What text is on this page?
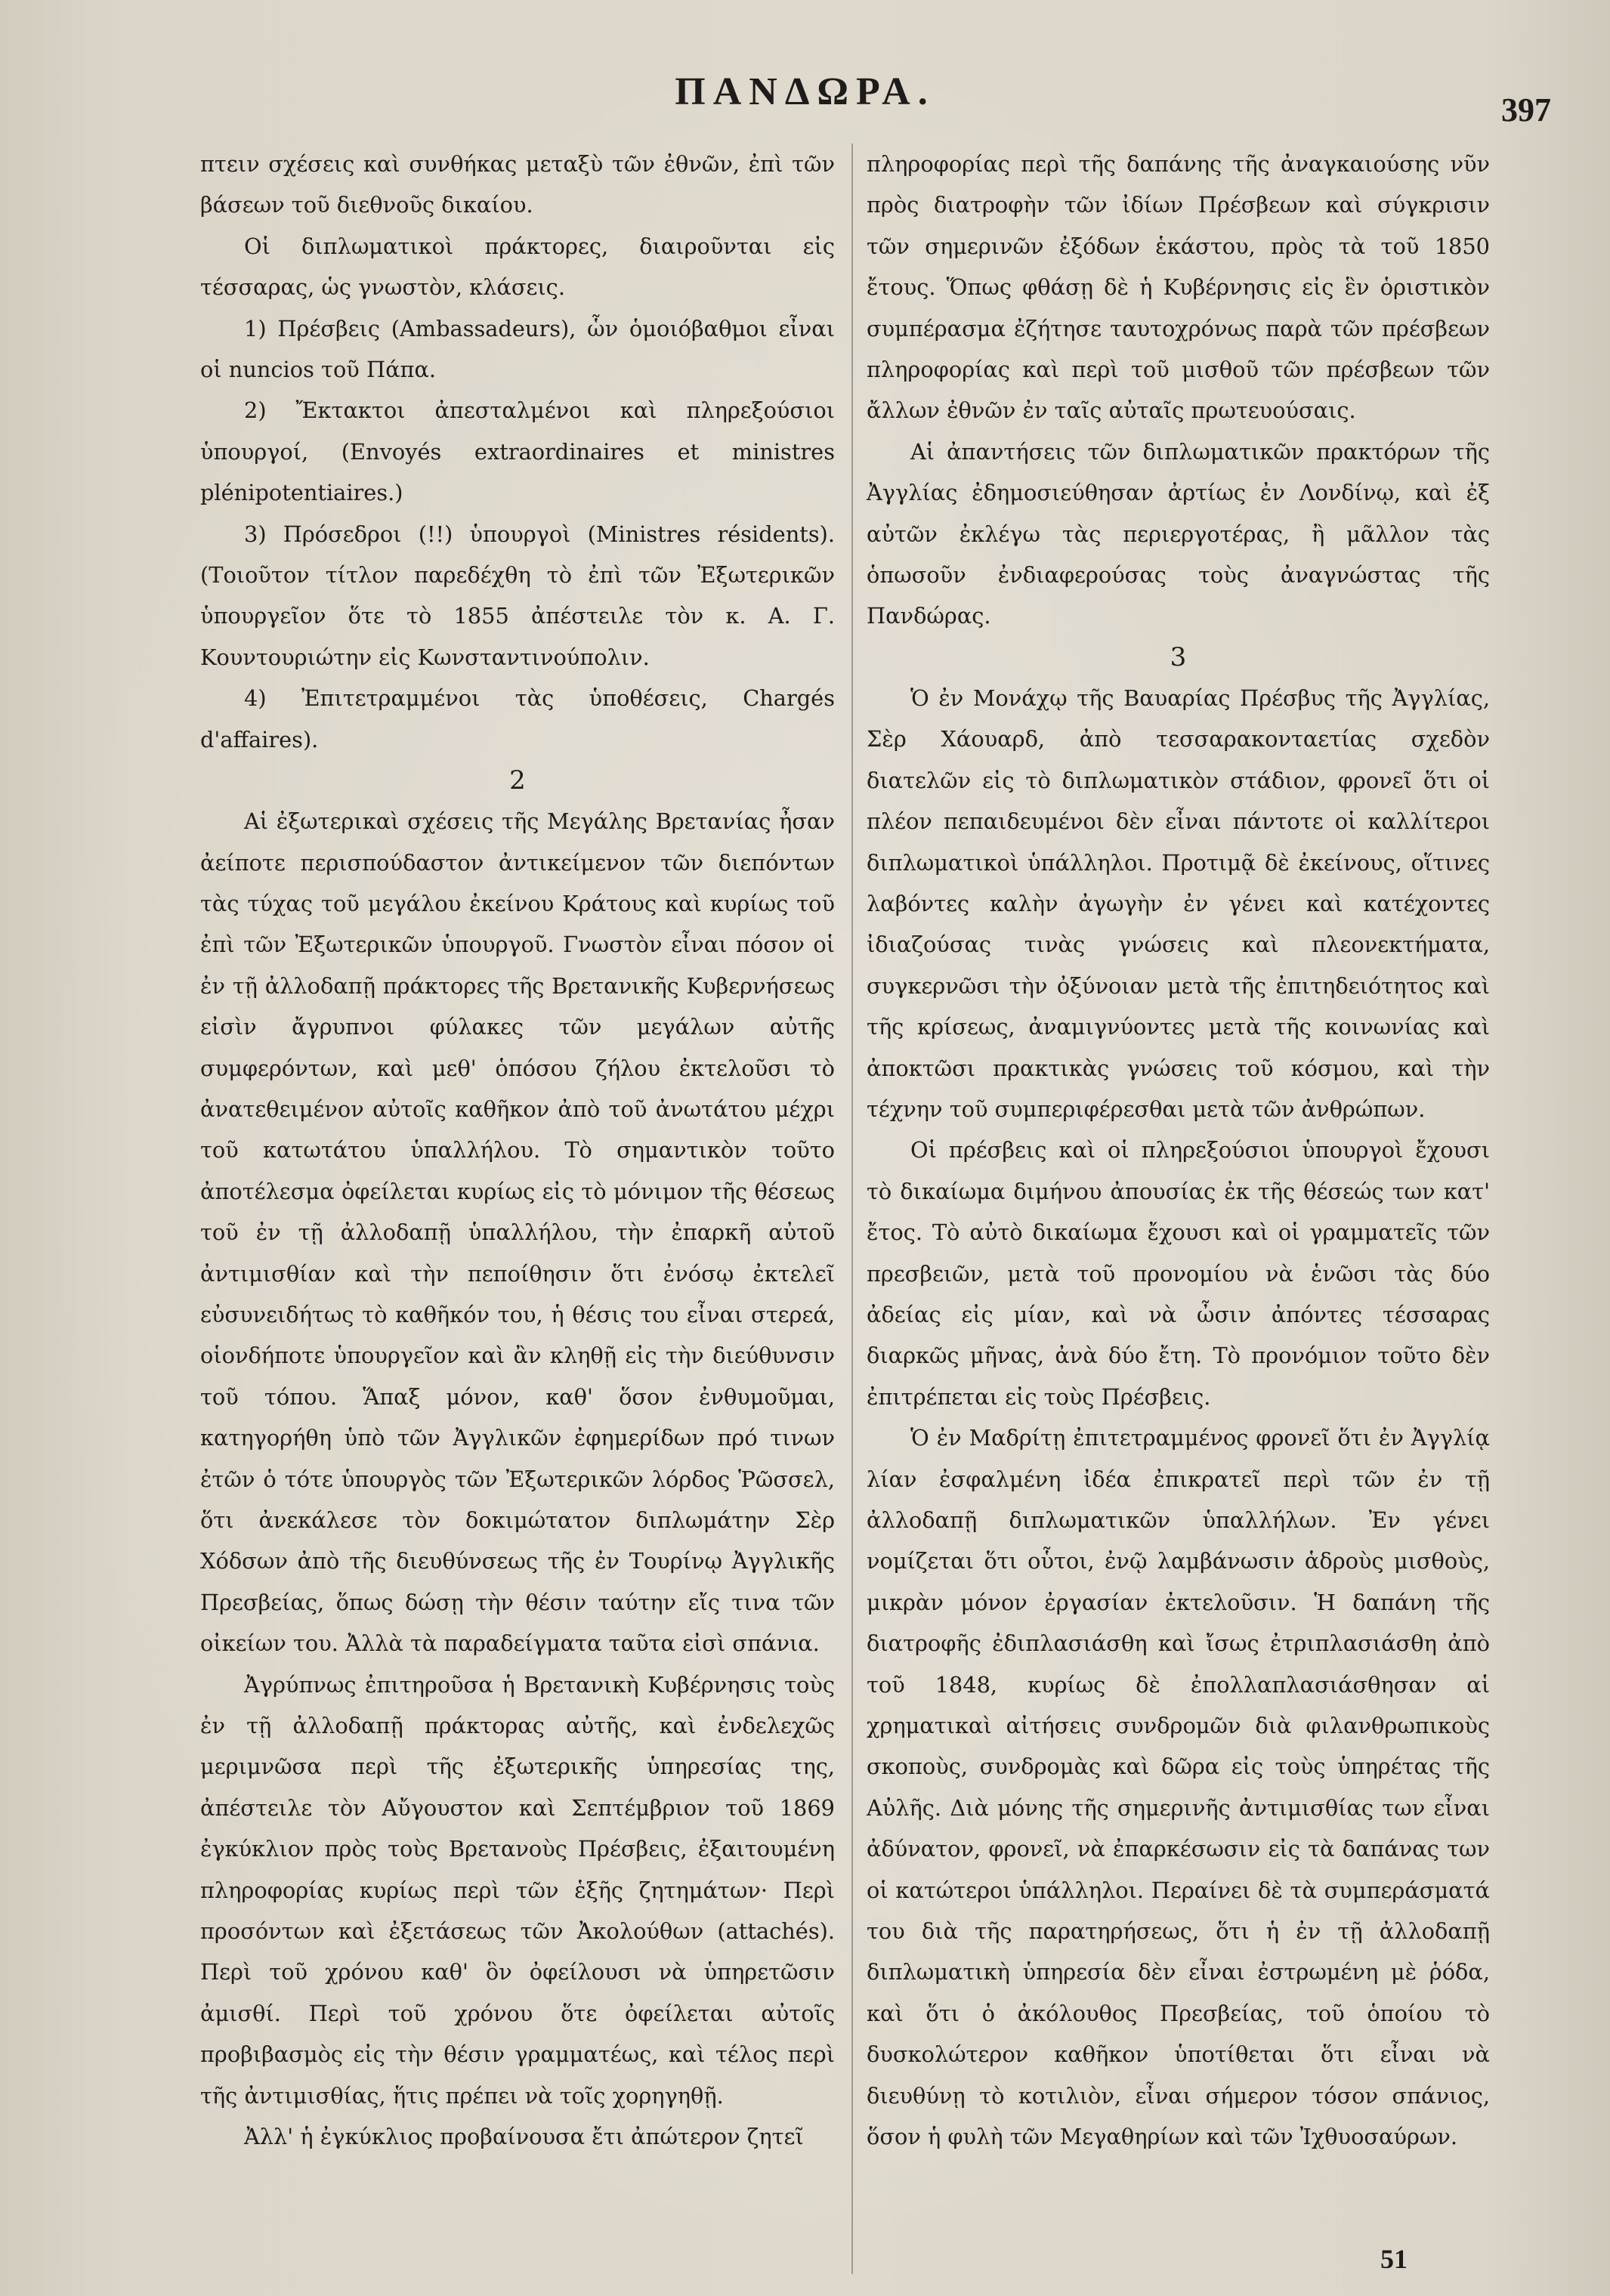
ΠΑΝΔΩΡΑ.	397

πτειν σχέσεις καὶ συνθήκας μεταξὺ τῶν ἐθνῶν, ἐπὶ τῶν βάσεων τοῦ διεθνοῦς δικαίου.

Οἱ διπλωματικοὶ πράκτορες, διαιροῦνται εἰς τέσσαρας, ὡς γνωστὸν, κλάσεις.

1) Πρέσβεις (Ambassadeurs), ὧν ὁμοιόβαθμοι εἶναι οἱ nuncios τοῦ Πάπα.

2) Ἔκτακτοι ἀπεσταλμένοι καὶ πληρεξούσιοι ὑπουργοί, (Envoyés extraordinaires et ministres plénipotentiaires.)

3) Πρόσεδροι (!!) ὑπουργοὶ (Ministres résidents). (Τοιοῦτον τίτλον παρεδέχθη τὸ ἐπὶ τῶν Ἐξωτερικῶν ὑπουργεῖον ὅτε τὸ 1855 ἀπέστειλε τὸν κ. Α. Γ. Κουντουριώτην εἰς Κωνσταντινούπολιν.

4) Ἐπιτετραμμένοι τὰς ὑποθέσεις, Chargés d'affaires).

2

Αἱ ἐξωτερικαὶ σχέσεις τῆς Μεγάλης Βρετανίας ἦσαν ἀείποτε περισπούδαστον ἀντικείμενον τῶν διεπόντων τὰς τύχας τοῦ μεγάλου ἐκείνου Κράτους καὶ κυρίως τοῦ ἐπὶ τῶν Ἐξωτερικῶν ὑπουργοῦ. Γνωστὸν εἶναι πόσον οἱ ἐν τῇ ἀλλοδαπῇ πράκτορες τῆς Βρετανικῆς Κυβερνήσεως εἰσὶν ἄγρυπνοι φύλακες τῶν μεγάλων αὐτῆς συμφερόντων, καὶ μεθ' ὁπόσου ζήλου ἐκτελοῦσι τὸ ἀνατεθειμένον αὐτοῖς καθῆκον ἀπὸ τοῦ ἀνωτάτου μέχρι τοῦ κατωτάτου ὑπαλλήλου. Τὸ σημαντικὸν τοῦτο ἀποτέλεσμα ὀφείλεται κυρίως εἰς τὸ μόνιμον τῆς θέσεως τοῦ ἐν τῇ ἀλλοδαπῇ ὑπαλλήλου, τὴν ἐπαρκῆ αὐτοῦ ἀντιμισθίαν καὶ τὴν πεποίθησιν ὅτι ἐνόσῳ ἐκτελεῖ εὐσυνειδήτως τὸ καθῆκόν του, ἡ θέσις του εἶναι στερεά, οἱονδήποτε ὑπουργεῖον καὶ ἂν κληθῇ εἰς τὴν διεύθυνσιν τοῦ τόπου. Ἅπαξ μόνον, καθ' ὅσον ἐνθυμοῦμαι, κατηγορήθη ὑπὸ τῶν Ἀγγλικῶν ἐφημερίδων πρό τινων ἐτῶν ὁ τότε ὑπουργὸς τῶν Ἐξωτερικῶν λόρδος Ῥῶσσελ, ὅτι ἀνεκάλεσε τὸν δοκιμώτατον διπλωμάτην Σὲρ Χόδσων ἀπὸ τῆς διευθύνσεως τῆς ἐν Τουρίνῳ Ἀγγλικῆς Πρεσβείας, ὅπως δώσῃ τὴν θέσιν ταύτην εἴς τινα τῶν οἰκείων του. Ἀλλὰ τὰ παραδείγματα ταῦτα εἰσὶ σπάνια.

Ἀγρύπνως ἐπιτηροῦσα ἡ Βρετανικὴ Κυβέρνησις τοὺς ἐν τῇ ἀλλοδαπῇ πράκτορας αὐτῆς, καὶ ἐνδελεχῶς μεριμνῶσα περὶ τῆς ἐξωτερικῆς ὑπηρεσίας της, ἀπέστειλε τὸν Αὔγουστον καὶ Σεπτέμβριον τοῦ 1869 ἐγκύκλιον πρὸς τοὺς Βρετανοὺς Πρέσβεις, ἐξαιτουμένη πληροφορίας κυρίως περὶ τῶν ἑξῆς ζητημάτων· Περὶ προσόντων καὶ ἐξετάσεως τῶν Ἀκολούθων (attachés). Περὶ τοῦ χρόνου καθ' ὃν ὀφείλουσι νὰ ὑπηρετῶσιν ἀμισθί. Περὶ τοῦ χρόνου ὅτε ὀφείλεται αὐτοῖς προβιβασμὸς εἰς τὴν θέσιν γραμματέως, καὶ τέλος περὶ τῆς ἀντιμισθίας, ἥτις πρέπει νὰ τοῖς χορηγηθῇ.

Ἀλλ' ἡ ἐγκύκλιος προβαίνουσα ἔτι ἀπώτερον ζητεῖ

πληροφορίας περὶ τῆς δαπάνης τῆς ἀναγκαιούσης νῦν πρὸς διατροφὴν τῶν ἰδίων Πρέσβεων καὶ σύγκρισιν τῶν σημερινῶν ἐξόδων ἑκάστου, πρὸς τὰ τοῦ 1850 ἔτους. Ὅπως φθάσῃ δὲ ἡ Κυβέρνησις εἰς ἓν ὁριστικὸν συμπέρασμα ἐζήτησε ταυτοχρόνως παρὰ τῶν πρέσβεων πληροφορίας καὶ περὶ τοῦ μισθοῦ τῶν πρέσβεων τῶν ἄλλων ἐθνῶν ἐν ταῖς αὐταῖς πρωτευούσαις.

Αἱ ἀπαντήσεις τῶν διπλωματικῶν πρακτόρων τῆς Ἀγγλίας ἐδημοσιεύθησαν ἀρτίως ἐν Λονδίνῳ, καὶ ἐξ αὐτῶν ἐκλέγω τὰς περιεργοτέρας, ἢ μᾶλλον τὰς ὁπωσοῦν ἐνδιαφερούσας τοὺς ἀναγνώστας τῆς Πανδώρας.

3

Ὁ ἐν Μονάχῳ τῆς Βαυαρίας Πρέσβυς τῆς Ἀγγλίας, Σὲρ Χάουαρδ, ἀπὸ τεσσαρακονταετίας σχεδὸν διατελῶν εἰς τὸ διπλωματικὸν στάδιον, φρονεῖ ὅτι οἱ πλέον πεπαιδευμένοι δὲν εἶναι πάντοτε οἱ καλλίτεροι διπλωματικοὶ ὑπάλληλοι. Προτιμᾷ δὲ ἐκείνους, οἵτινες λαβόντες καλὴν ἀγωγὴν ἐν γένει καὶ κατέχοντες ἰδιαζούσας τινὰς γνώσεις καὶ πλεονεκτήματα, συγκερνῶσι τὴν ὀξύνοιαν μετὰ τῆς ἐπιτηδειότητος καὶ τῆς κρίσεως, ἀναμιγνύοντες μετὰ τῆς κοινωνίας καὶ ἀποκτῶσι πρακτικὰς γνώσεις τοῦ κόσμου, καὶ τὴν τέχνην τοῦ συμπεριφέρεσθαι μετὰ τῶν ἀνθρώπων.

Οἱ πρέσβεις καὶ οἱ πληρεξούσιοι ὑπουργοὶ ἔχουσι τὸ δικαίωμα διμήνου ἀπουσίας ἐκ τῆς θέσεώς των κατ' ἔτος. Τὸ αὐτὸ δικαίωμα ἔχουσι καὶ οἱ γραμματεῖς τῶν πρεσβειῶν, μετὰ τοῦ προνομίου νὰ ἑνῶσι τὰς δύο ἀδείας εἰς μίαν, καὶ νὰ ὦσιν ἀπόντες τέσσαρας διαρκῶς μῆνας, ἀνὰ δύο ἔτη. Τὸ προνόμιον τοῦτο δὲν ἐπιτρέπεται εἰς τοὺς Πρέσβεις.

Ὁ ἐν Μαδρίτῃ ἐπιτετραμμένος φρονεῖ ὅτι ἐν Ἀγγλίᾳ λίαν ἐσφαλμένη ἰδέα ἐπικρατεῖ περὶ τῶν ἐν τῇ ἀλλοδαπῇ διπλωματικῶν ὑπαλλήλων. Ἐν γένει νομίζεται ὅτι οὗτοι, ἐνῷ λαμβάνωσιν ἁδροὺς μισθοὺς, μικρὰν μόνον ἐργασίαν ἐκτελοῦσιν. Ἡ δαπάνη τῆς διατροφῆς ἐδιπλασιάσθη καὶ ἴσως ἐτριπλασιάσθη ἀπὸ τοῦ 1848, κυρίως δὲ ἐπολλαπλασιάσθησαν αἱ χρηματικαὶ αἰτήσεις συνδρομῶν διὰ φιλανθρωπικοὺς σκοποὺς, συνδρομὰς καὶ δῶρα εἰς τοὺς ὑπηρέτας τῆς Αὐλῆς. Διὰ μόνης τῆς σημερινῆς ἀντιμισθίας των εἶναι ἀδύνατον, φρονεῖ, νὰ ἐπαρκέσωσιν εἰς τὰ δαπάνας των οἱ κατώτεροι ὑπάλληλοι. Περαίνει δὲ τὰ συμπεράσματά του διὰ τῆς παρατηρήσεως, ὅτι ἡ ἐν τῇ ἀλλοδαπῇ διπλωματικὴ ὑπηρεσία δὲν εἶναι ἐστρωμένη μὲ ῥόδα, καὶ ὅτι ὁ ἀκόλουθος Πρεσβείας, τοῦ ὁποίου τὸ δυσκολώτερον καθῆκον ὑποτίθεται ὅτι εἶναι νὰ διευθύνῃ τὸ κοτιλιὸν, εἶναι σήμερον τόσον σπάνιος, ὅσον ἡ φυλὴ τῶν Μεγαθηρίων καὶ τῶν Ἰχθυοσαύρων.

51
